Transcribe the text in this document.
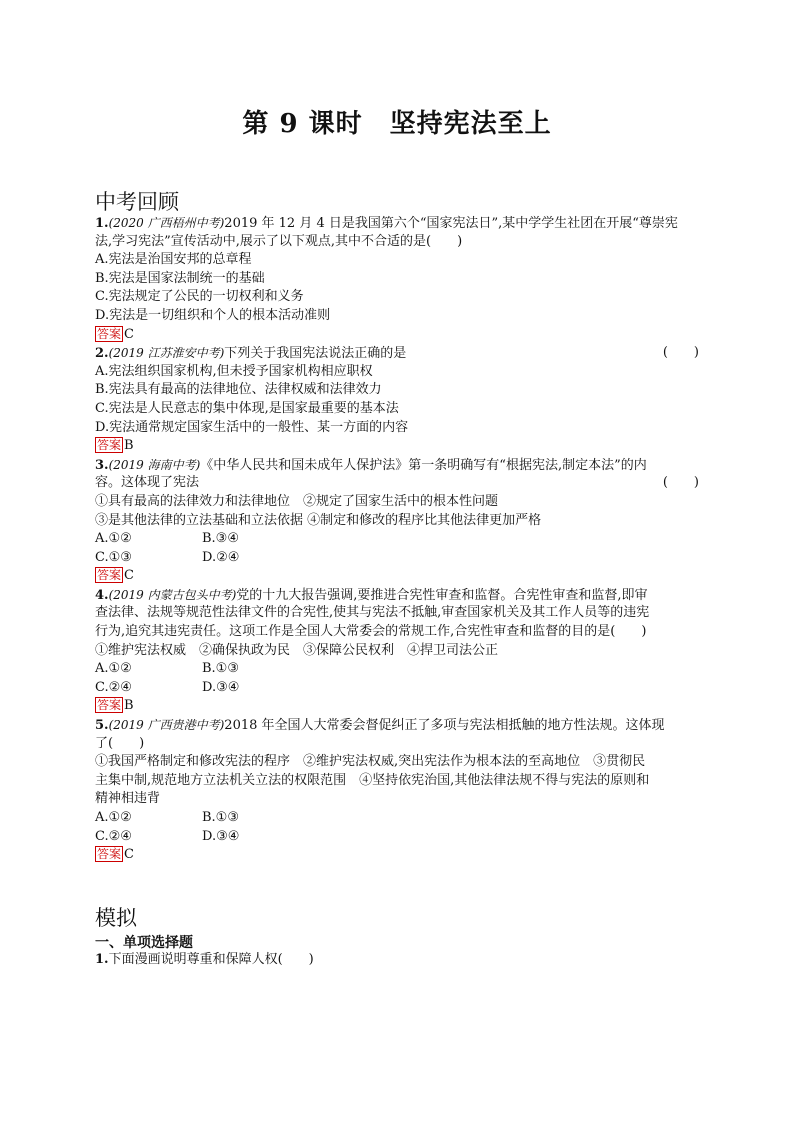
第 9 课时　坚持宪法至上
中考回顾
1.(2020 广西梧州中考)2019 年 12 月 4 日是我国第六个“国家宪法日”,某中学学生社团在开展“尊崇宪
法,学习宪法”宣传活动中,展示了以下观点,其中不合适的是(　　)
A.宪法是治国安邦的总章程
B.宪法是国家法制统一的基础
C.宪法规定了公民的一切权利和义务
D.宪法是一切组织和个人的根本活动准则
答案 C
2.(2019 江苏淮安中考)下列关于我国宪法说法正确的是	(　　)
A.宪法组织国家机构,但未授予国家机构相应职权
B.宪法具有最高的法律地位、法律权威和法律效力
C.宪法是人民意志的集中体现,是国家最重要的基本法
D.宪法通常规定国家生活中的一般性、某一方面的内容
答案 B
3.(2019 海南中考)《中华人民共和国未成年人保护法》第一条明确写有“根据宪法,制定本法”的内
容。这体现了宪法	(　　)
①具有最高的法律效力和法律地位　②规定了国家生活中的根本性问题
③是其他法律的立法基础和立法依据 ④制定和修改的程序比其他法律更加严格
A.①②	B.③④
C.①③	D.②④
答案 C
4.(2019 内蒙古包头中考)党的十九大报告强调,要推进合宪性审查和监督。合宪性审查和监督,即审
查法律、法规等规范性法律文件的合宪性,使其与宪法不抵触,审查国家机关及其工作人员等的违宪
行为,追究其违宪责任。这项工作是全国人大常委会的常规工作,合宪性审查和监督的目的是(　　)
①维护宪法权威　②确保执政为民　③保障公民权利　④捍卫司法公正
A.①②	B.①③
C.②④	D.③④
答案 B
5.(2019 广西贵港中考)2018 年全国人大常委会督促纠正了多项与宪法相抵触的地方性法规。这体现
了(　　)
①我国严格制定和修改宪法的程序　②维护宪法权威,突出宪法作为根本法的至高地位　③贯彻民
主集中制,规范地方立法机关立法的权限范围　④坚持依宪治国,其他法律法规不得与宪法的原则和
精神相违背
A.①②	B.①③
C.②④	D.③④
答案 C
模拟
一、单项选择题
1.下面漫画说明尊重和保障人权(　　)
